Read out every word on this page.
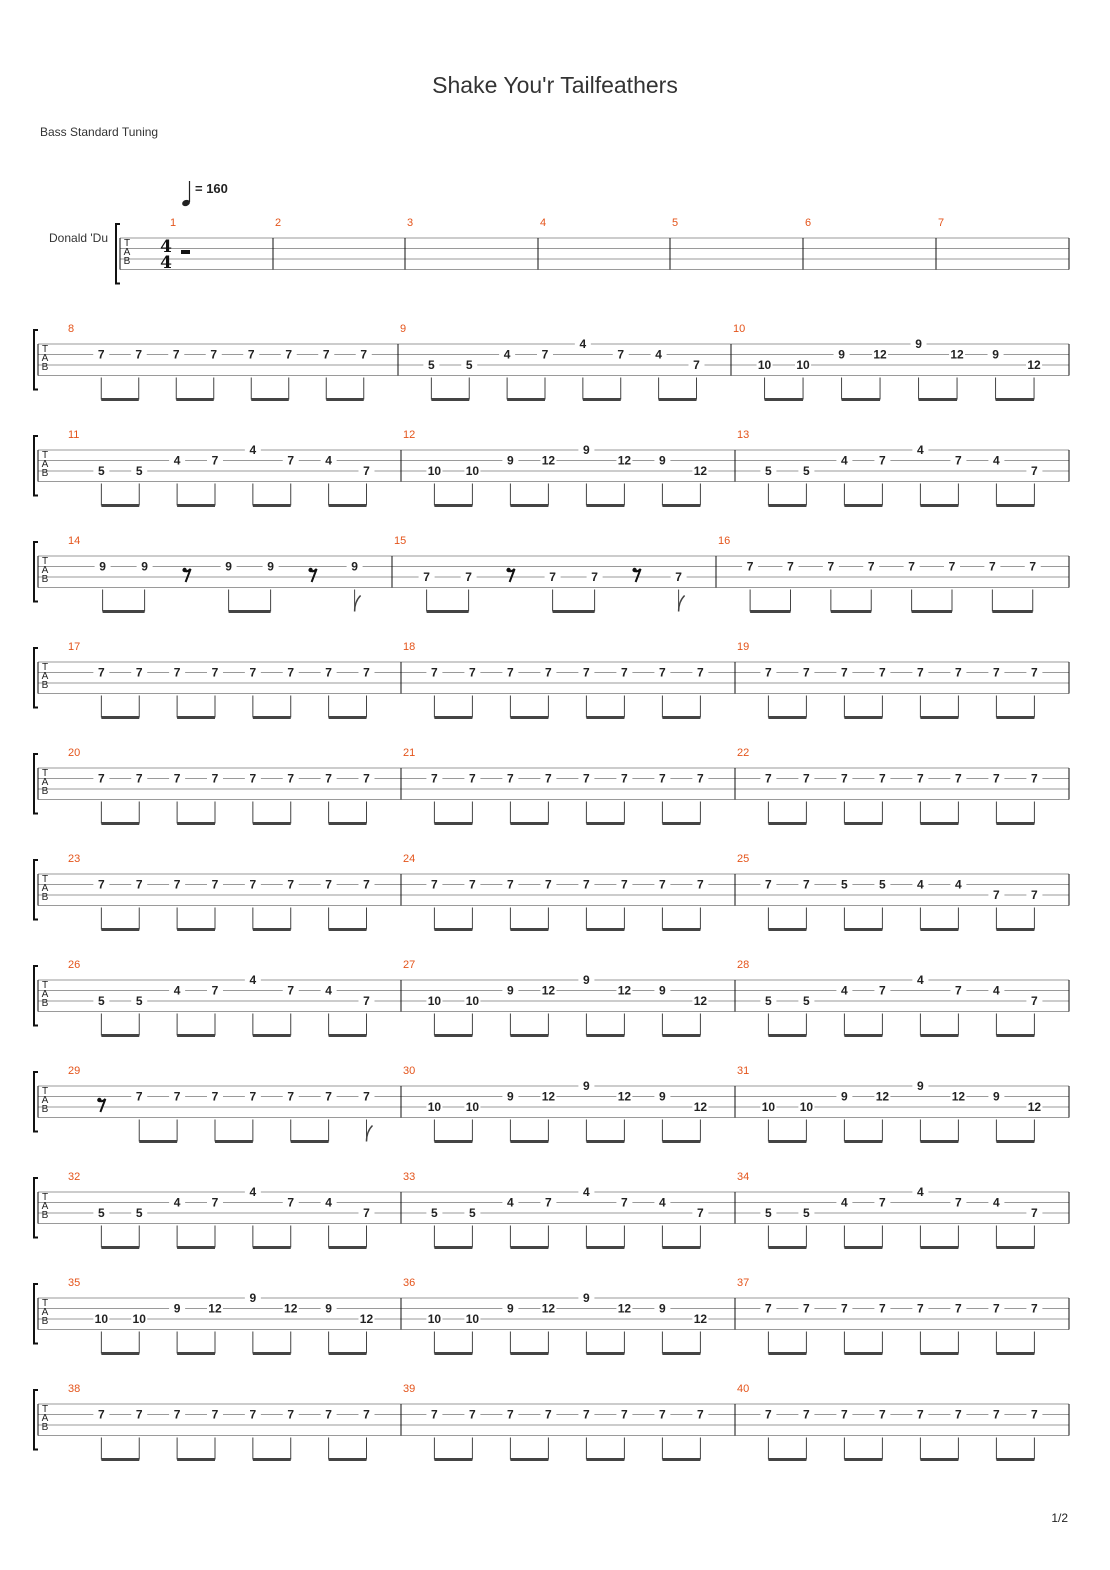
Shake You'r Tailfeathers
Bass Standard Tuning
1/2
T
A
B
Donald 'Du
= 160
4
4
1	2	3	4	5	6	7
T
A
B
8
7	7	7	7	7	7	7	7
9
5	5
4	7
4
7	4
7
10
10 10
9 12
9
12 9
12
T
A
B
11
5	5
4	7
4
7	4
7
12
10 10
9 12
9
12 9
12
13
5	5
4	7
4
7	4
7
T
A
B
14
9	9	9	9	9
15
7	7	7	7	7
16
7	7	7	7	7	7	7	7
T
A
B
17
7	7	7	7	7	7	7	7
18
7	7	7	7	7	7	7	7
19
7	7	7	7	7	7	7	7
T
A
B
20
7	7	7	7	7	7	7	7
21
7	7	7	7	7	7	7	7
22
7	7	7	7	7	7	7	7
T
A
B
23
7	7	7	7	7	7	7	7
24
7	7	7	7	7	7	7	7
25
7	7	5	5	4	4
7	7
T
A
B
26
5	5
4	7
4
7	4
7
27
10 10
9 12
9
12 9
12
28
5	5
4	7
4
7	4
7
T
A
B
29
7	7	7	7	7	7	7
30
10 10
9 12
9
12 9
12
31
10 10
9 12
9
12 9
12
T
A
B
32
5	5
4	7
4
7	4
7
33
5	5
4	7
4
7	4
7
34
5	5
4	7
4
7	4
7
T
A
B
35
10 10
9 12
9
12 9
12
36
10 10
9 12
9
12 9
12
37
7	7	7	7	7	7	7	7
T
A
B
38
7	7	7	7	7	7	7	7
39
7	7	7	7	7	7	7	7
40
7	7	7	7	7	7	7	7
